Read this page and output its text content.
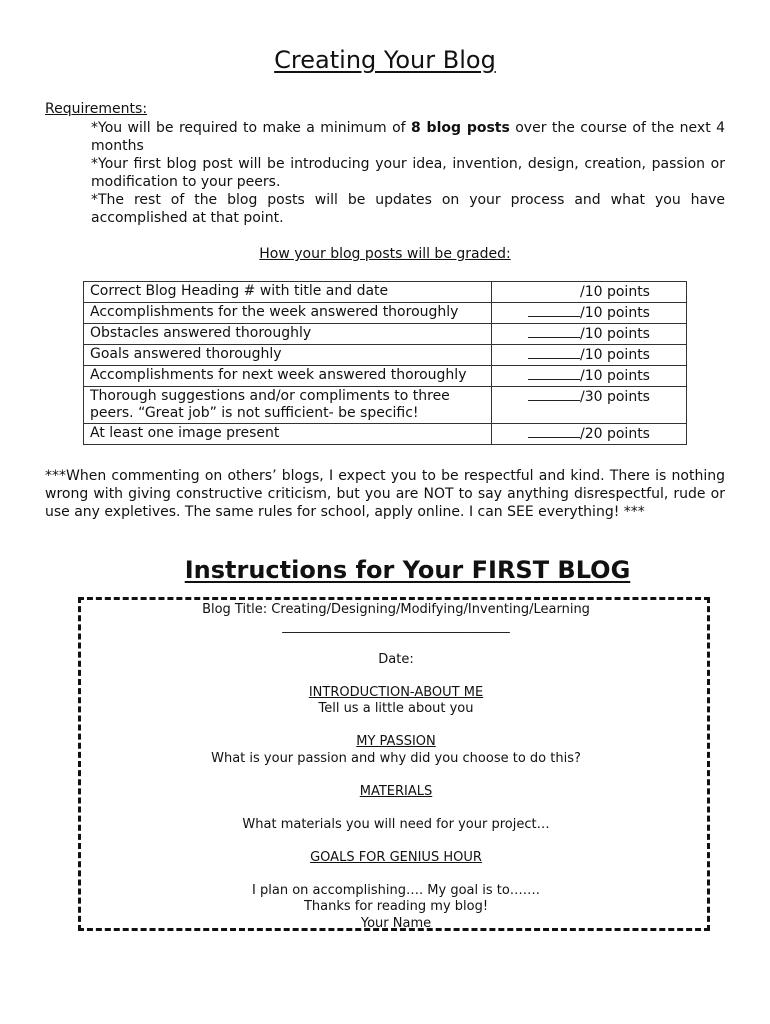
Creating Your Blog
Requirements:

*You will be required to make a minimum of 8 blog posts over the course of the next 4 months

*Your first blog post will be introducing your idea, invention, design, creation, passion or modification to your peers.

*The rest of the blog posts will be updates on your process and what you have accomplished at that point.

How your blog posts will be graded:
Correct Blog Heading # with title and date	/10 points
Accomplishments for the week answered thoroughly	/10 points
Obstacles answered thoroughly	/10 points
Goals answered thoroughly	/10 points
Accomplishments for next week answered thoroughly	/10 points
Thorough suggestions and/or compliments to three peers. “Great job” is not sufficient- be specific!	/30 points
At least one image present	/20 points

***When commenting on others’ blogs, I expect you to be respectful and kind. There is nothing wrong with giving constructive criticism, but you are NOT to say anything disrespectful, rude or use any expletives. The same rules for school, apply online. I can SEE everything! ***

Instructions for Your FIRST BLOG
Blog Title: Creating/Designing/Modifying/Inventing/Learning
___________________________________
Date:
INTRODUCTION-ABOUT ME
Tell us a little about you
MY PASSION
What is your passion and why did you choose to do this?
MATERIALS
What materials you will need for your project…
GOALS FOR GENIUS HOUR
I plan on accomplishing…. My goal is to…….
Thanks for reading my blog!
Your Name
